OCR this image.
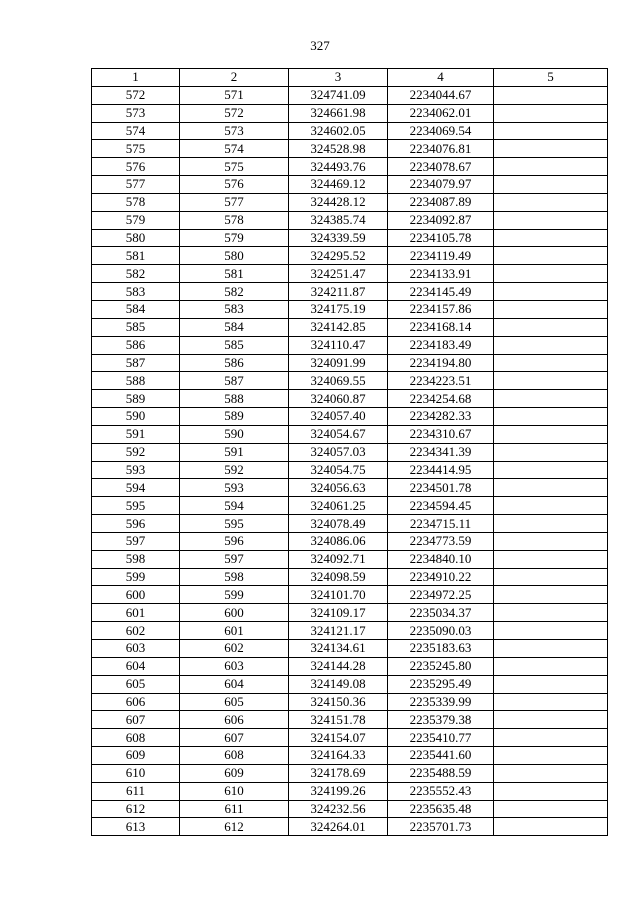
327
1	2	3	4	5
572	571	324741.09	2234044.67	
573	572	324661.98	2234062.01	
574	573	324602.05	2234069.54	
575	574	324528.98	2234076.81	
576	575	324493.76	2234078.67	
577	576	324469.12	2234079.97	
578	577	324428.12	2234087.89	
579	578	324385.74	2234092.87	
580	579	324339.59	2234105.78	
581	580	324295.52	2234119.49	
582	581	324251.47	2234133.91	
583	582	324211.87	2234145.49	
584	583	324175.19	2234157.86	
585	584	324142.85	2234168.14	
586	585	324110.47	2234183.49	
587	586	324091.99	2234194.80	
588	587	324069.55	2234223.51	
589	588	324060.87	2234254.68	
590	589	324057.40	2234282.33	
591	590	324054.67	2234310.67	
592	591	324057.03	2234341.39	
593	592	324054.75	2234414.95	
594	593	324056.63	2234501.78	
595	594	324061.25	2234594.45	
596	595	324078.49	2234715.11	
597	596	324086.06	2234773.59	
598	597	324092.71	2234840.10	
599	598	324098.59	2234910.22	
600	599	324101.70	2234972.25	
601	600	324109.17	2235034.37	
602	601	324121.17	2235090.03	
603	602	324134.61	2235183.63	
604	603	324144.28	2235245.80	
605	604	324149.08	2235295.49	
606	605	324150.36	2235339.99	
607	606	324151.78	2235379.38	
608	607	324154.07	2235410.77	
609	608	324164.33	2235441.60	
610	609	324178.69	2235488.59	
611	610	324199.26	2235552.43	
612	611	324232.56	2235635.48	
613	612	324264.01	2235701.73	
